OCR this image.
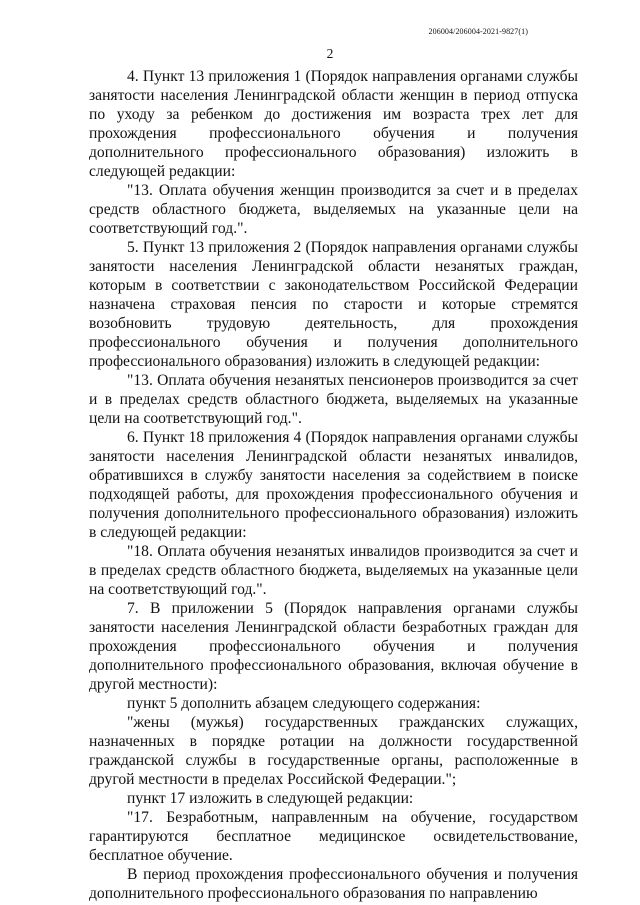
206004/206004-2021-9827(1)
2

4. Пункт 13 приложения 1 (Порядок направления органами службы занятости населения Ленинградской области женщин в период отпуска по уходу за ребенком до достижения им возраста трех лет для прохождения профессионального обучения и получения дополнительного профессионального образования) изложить в следующей редакции:

"13. Оплата обучения женщин производится за счет и в пределах средств областного бюджета, выделяемых на указанные цели на соответствующий год.".

5. Пункт 13 приложения 2 (Порядок направления органами службы занятости населения Ленинградской области незанятых граждан, которым в соответствии с законодательством Российской Федерации назначена страховая пенсия по старости и которые стремятся возобновить трудовую деятельность, для прохождения профессионального обучения и получения дополнительного профессионального образования) изложить в следующей редакции:

"13. Оплата обучения незанятых пенсионеров производится за счет и в пределах средств областного бюджета, выделяемых на указанные цели на соответствующий год.".

6. Пункт 18 приложения 4 (Порядок направления органами службы занятости населения Ленинградской области незанятых инвалидов, обратившихся в службу занятости населения за содействием в поиске подходящей работы, для прохождения профессионального обучения и получения дополнительного профессионального образования) изложить в следующей редакции:

"18. Оплата обучения незанятых инвалидов производится за счет и в пределах средств областного бюджета, выделяемых на указанные цели на соответствующий год.".

7. В приложении 5 (Порядок направления органами службы занятости населения Ленинградской области безработных граждан для прохождения профессионального обучения и получения дополнительного профессионального образования, включая обучение в другой местности):

пункт 5 дополнить абзацем следующего содержания:

"жены (мужья) государственных гражданских служащих, назначенных в порядке ротации на должности государственной гражданской службы в государственные органы, расположенные в другой местности в пределах Российской Федерации.";

пункт 17 изложить в следующей редакции:

"17. Безработным, направленным на обучение, государством гарантируются бесплатное медицинское освидетельствование, бесплатное обучение.

В период прохождения профессионального обучения и получения дополнительного профессионального образования по направлению
